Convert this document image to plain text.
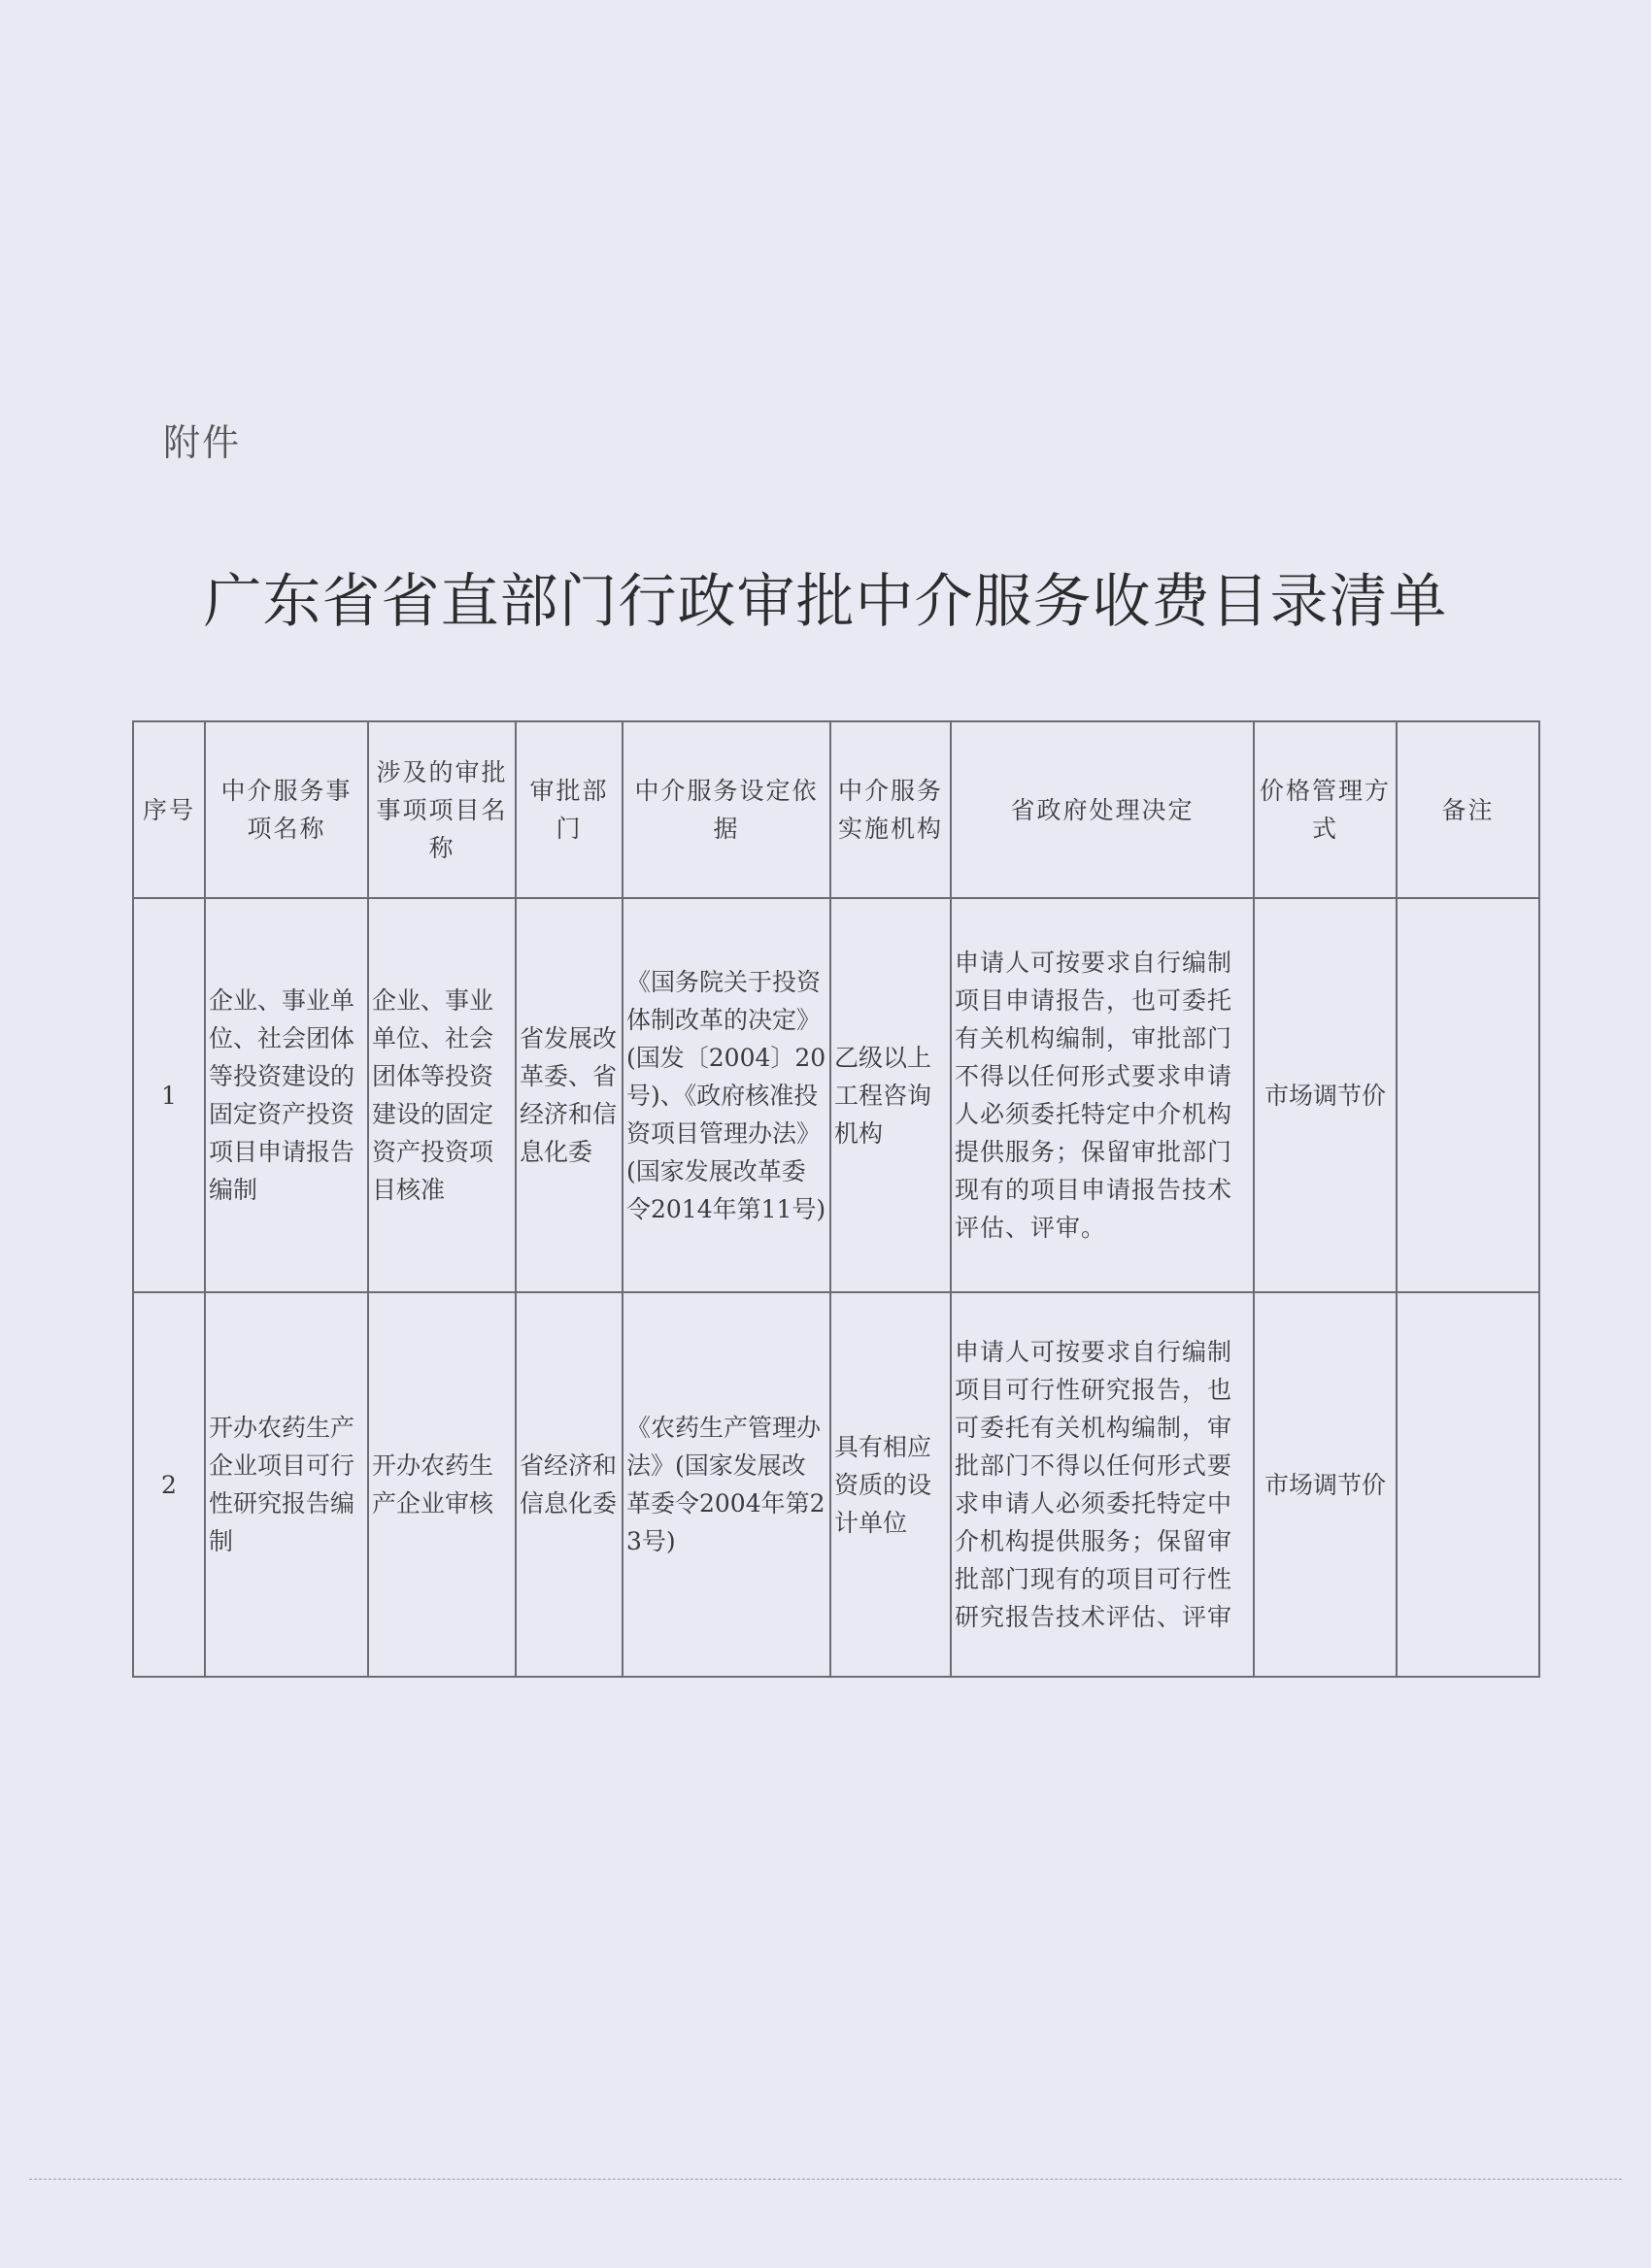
附件
广东省省直部门行政审批中介服务收费目录清单
序号	中介服务事项名称	涉及的审批事项项目名称	审批部门	中介服务设定依据	中介服务实施机构	省政府处理决定	价格管理方式	备注
1	企业、事业单位、社会团体等投资建设的固定资产投资项目申请报告编制	企业、事业单位、社会团体等投资建设的固定资产投资项目核准	省发展改革委、省经济和信息化委	《国务院关于投资体制改革的决定》(国发〔2004〕20号)、《政府核准投资项目管理办法》(国家发展改革委令2014年第11号)	乙级以上工程咨询机构	申请人可按要求自行编制项目申请报告，也可委托有关机构编制，审批部门不得以任何形式要求申请人必须委托特定中介机构提供服务；保留审批部门现有的项目申请报告技术评估、评审。	市场调节价	
2	开办农药生产企业项目可行性研究报告编制	开办农药生产企业审核	省经济和信息化委	《农药生产管理办法》(国家发展改革委令2004年第23号)	具有相应资质的设计单位	申请人可按要求自行编制项目可行性研究报告，也可委托有关机构编制，审批部门不得以任何形式要求申请人必须委托特定中介机构提供服务；保留审批部门现有的项目可行性研究报告技术评估、评审	市场调节价	
